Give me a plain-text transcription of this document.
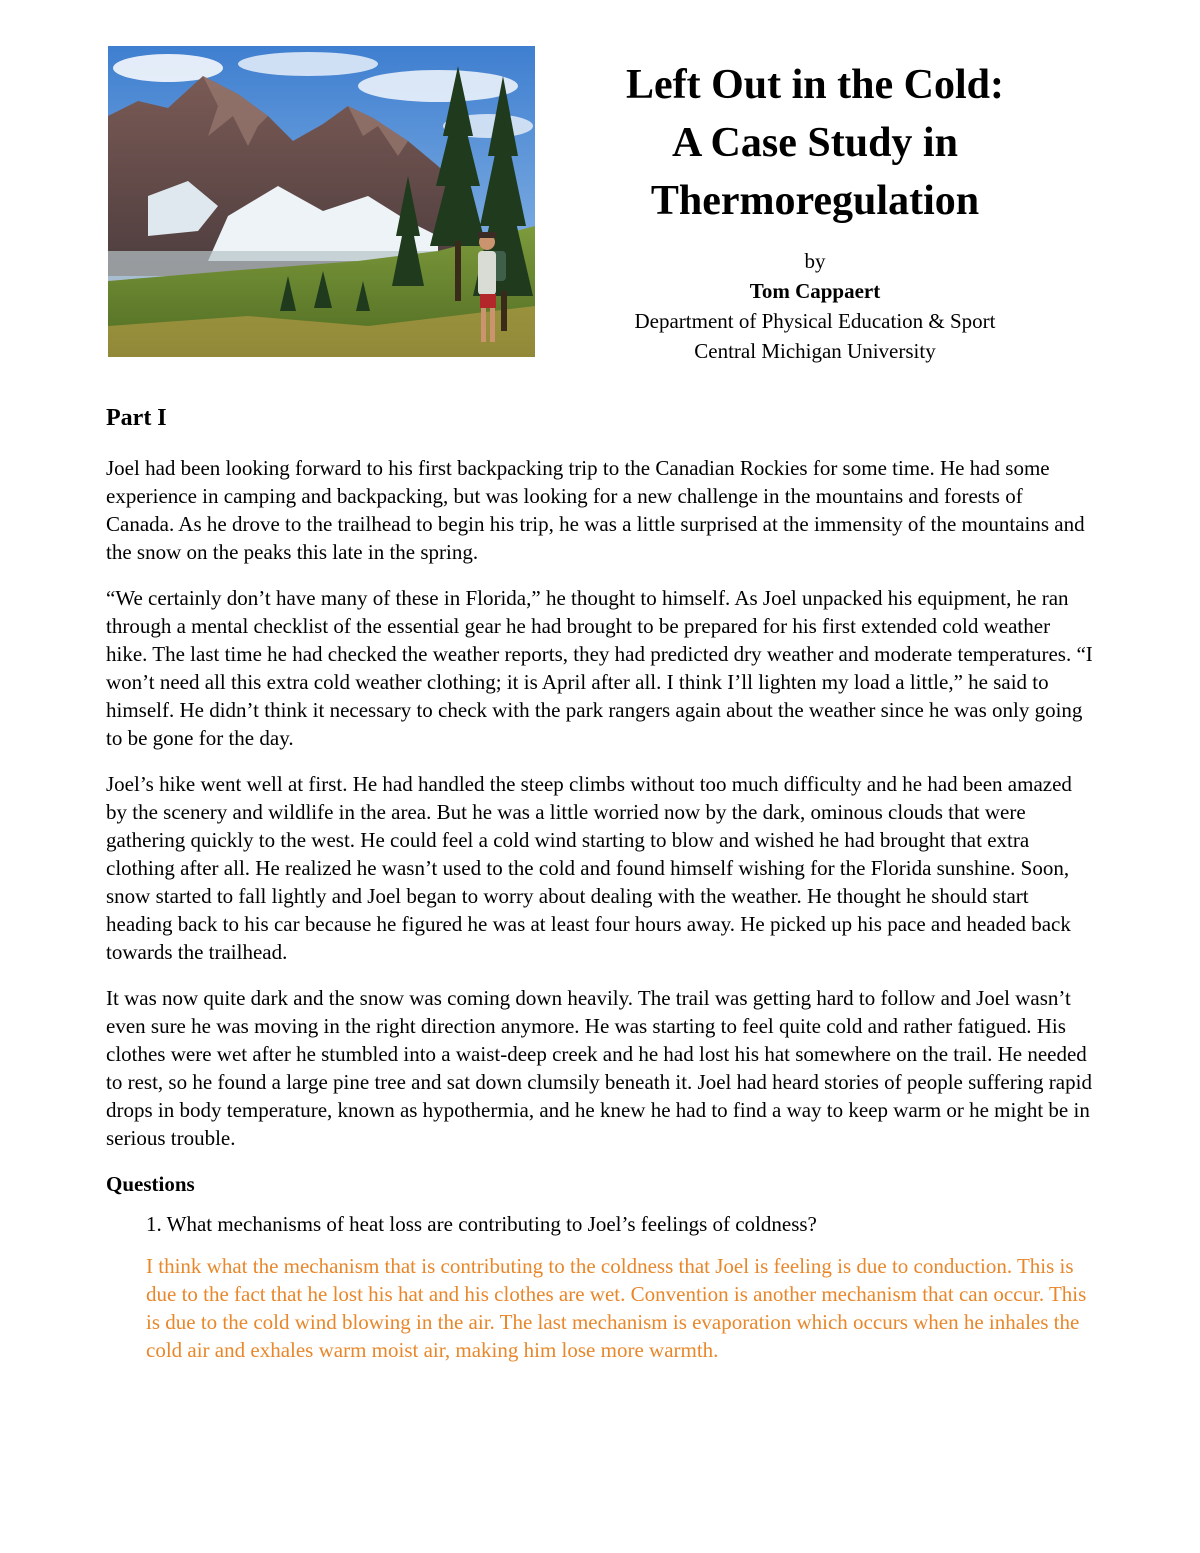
Left Out in the Cold:
A Case Study in
Thermoregulation
by
Tom Cappaert
Department of Physical Education & Sport
Central Michigan University
Part I

Joel had been looking forward to his first backpacking trip to the Canadian Rockies for some time. He had some experience in camping and backpacking, but was looking for a new challenge in the mountains and forests of Canada. As he drove to the trailhead to begin his trip, he was a little surprised at the immensity of the mountains and the snow on the peaks this late in the spring.

“We certainly don’t have many of these in Florida,” he thought to himself. As Joel unpacked his equipment, he ran through a mental checklist of the essential gear he had brought to be prepared for his first extended cold weather hike. The last time he had checked the weather reports, they had predicted dry weather and moderate temperatures. “I won’t need all this extra cold weather clothing; it is April after all. I think I’ll lighten my load a little,” he said to himself. He didn’t think it necessary to check with the park rangers again about the weather since he was only going to be gone for the day.

Joel’s hike went well at first. He had handled the steep climbs without too much difficulty and he had been amazed by the scenery and wildlife in the area. But he was a little worried now by the dark, ominous clouds that were gathering quickly to the west. He could feel a cold wind starting to blow and wished he had brought that extra clothing after all. He realized he wasn’t used to the cold and found himself wishing for the Florida sunshine. Soon, snow started to fall lightly and Joel began to worry about dealing with the weather. He thought he should start heading back to his car because he figured he was at least four hours away. He picked up his pace and headed back towards the trailhead.

It was now quite dark and the snow was coming down heavily. The trail was getting hard to follow and Joel wasn’t even sure he was moving in the right direction anymore. He was starting to feel quite cold and rather fatigued. His clothes were wet after he stumbled into a waist-deep creek and he had lost his hat somewhere on the trail. He needed to rest, so he found a large pine tree and sat down clumsily beneath it. Joel had heard stories of people suffering rapid drops in body temperature, known as hypothermia, and he knew he had to find a way to keep warm or he might be in serious trouble.

Questions
1. What mechanisms of heat loss are contributing to Joel’s feelings of coldness?
I think what the mechanism that is contributing to the coldness that Joel is feeling is due to conduction. This is due to the fact that he lost his hat and his clothes are wet. Convention is another mechanism that can occur. This is due to the cold wind blowing in the air. The last mechanism is evaporation which occurs when he inhales the cold air and exhales warm moist air, making him lose more warmth.
